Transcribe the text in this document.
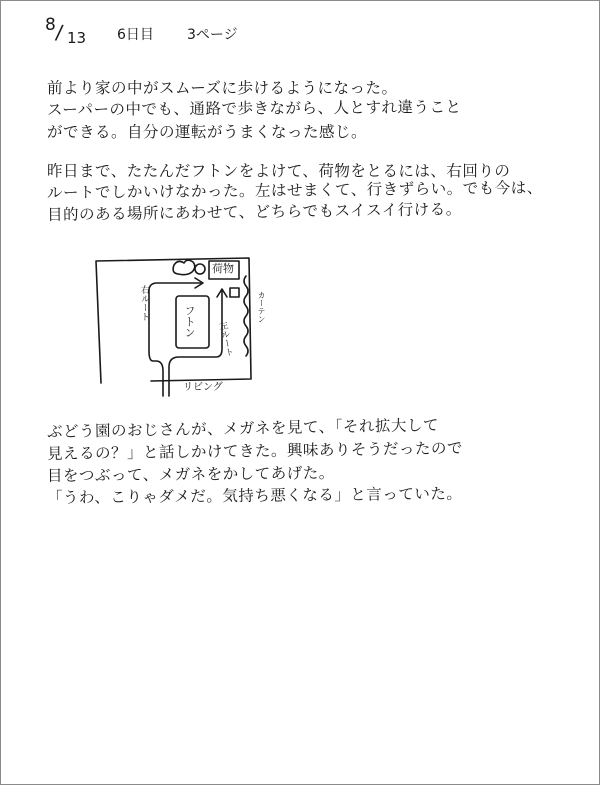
8
/ 13 6日目 3ページ
前より家の中がスムーズに歩けるようになった。
スーパーの中でも、通路で歩きながら、人とすれ違うこと
ができる。自分の運転がうまくなった感じ。
昨日まで、たたんだフトンをよけて、荷物をとるには、右回りの
ルートでしかいけなかった。左はせまくて、行きずらい。でも今は、
目的のある場所にあわせて、どちらでもスイスイ行ける。
フトン
荷物
右ルート
左ルート
カーテン
リビング
ぶどう園のおじさんが、メガネを見て、「それ拡大して
見えるの？」と話しかけてきた。興味ありそうだったので
目をつぶって、メガネをかしてあげた。
「うわ、こりゃダメだ。気持ち悪くなる」と言っていた。
